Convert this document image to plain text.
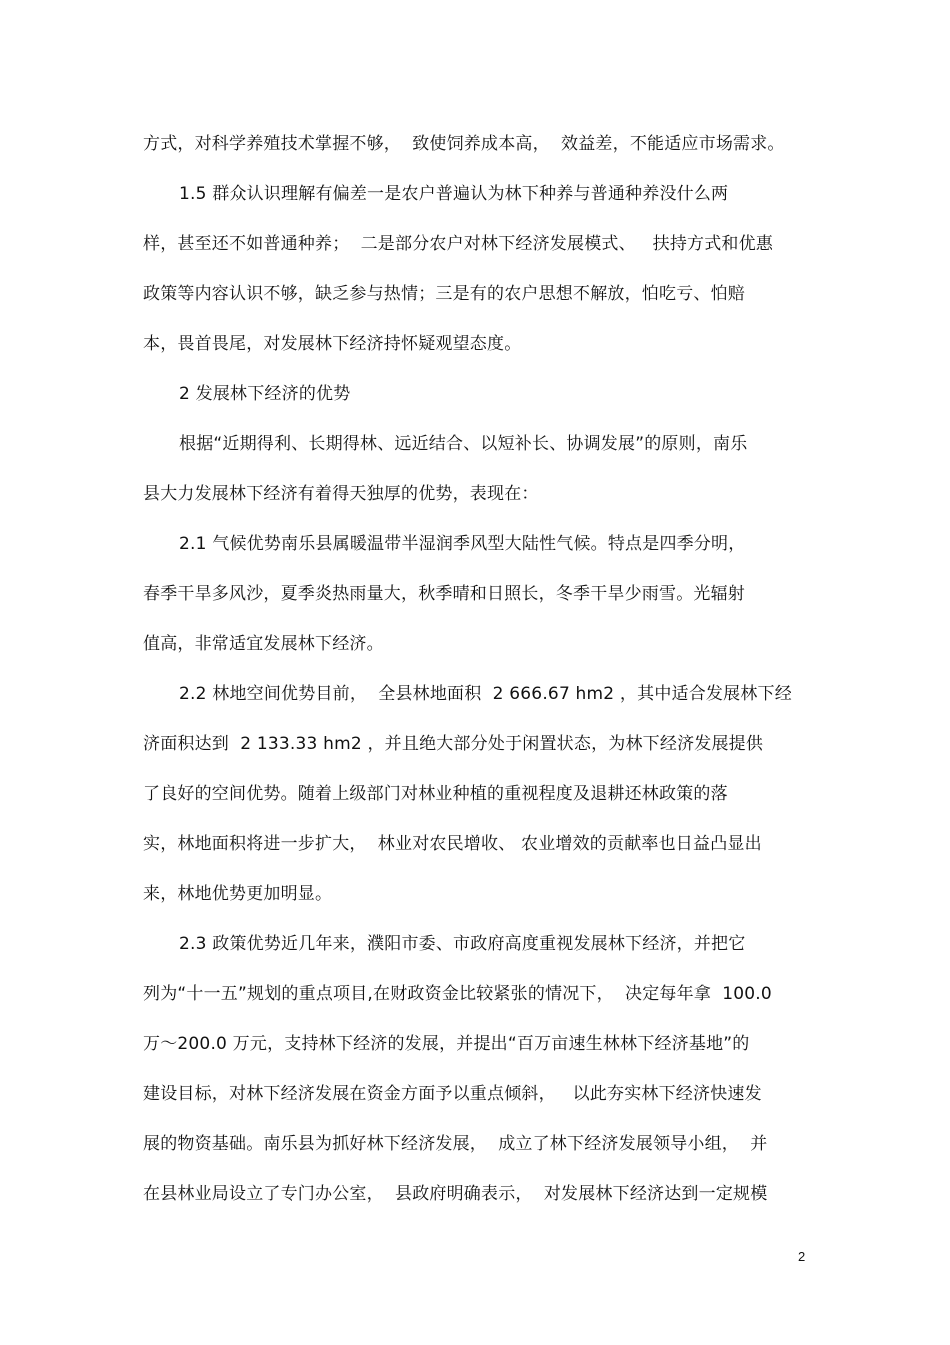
方式，对科学养殖技术掌握不够，  致使饲养成本高，  效益差，不能适应市场需求。
1.5 群众认识理解有偏差一是农户普遍认为林下种养与普通种养没什么两
样，甚至还不如普通种养；  二是部分农户对林下经济发展模式、   扶持方式和优惠
政策等内容认识不够，缺乏参与热情；三是有的农户思想不解放，怕吃亏、怕赔
本，畏首畏尾，对发展林下经济持怀疑观望态度。
2 发展林下经济的优势
根据“近期得利、长期得林、远近结合、以短补长、协调发展”的原则，南乐
县大力发展林下经济有着得天独厚的优势，表现在：
2.1 气候优势南乐县属暖温带半湿润季风型大陆性气候。特点是四季分明，
春季干旱多风沙，夏季炎热雨量大，秋季晴和日照长，冬季干旱少雨雪。光辐射
值高，非常适宜发展林下经济。
2.2 林地空间优势目前，  全县林地面积  2 666.67 hm2 ，其中适合发展林下经
济面积达到  2 133.33 hm2 ，并且绝大部分处于闲置状态，为林下经济发展提供
了良好的空间优势。随着上级部门对林业种植的重视程度及退耕还林政策的落
实，林地面积将进一步扩大，  林业对农民增收、 农业增效的贡献率也日益凸显出
来，林地优势更加明显。
2.3 政策优势近几年来，濮阳市委、市政府高度重视发展林下经济，并把它
列为“十一五”规划的重点项目,在财政资金比较紧张的情况下，  决定每年拿  100.0
万～200.0 万元，支持林下经济的发展，并提出“百万亩速生林林下经济基地”的
建设目标，对林下经济发展在资金方面予以重点倾斜，   以此夯实林下经济快速发
展的物资基础。南乐县为抓好林下经济发展，  成立了林下经济发展领导小组，  并
在县林业局设立了专门办公室，  县政府明确表示，  对发展林下经济达到一定规模
2
